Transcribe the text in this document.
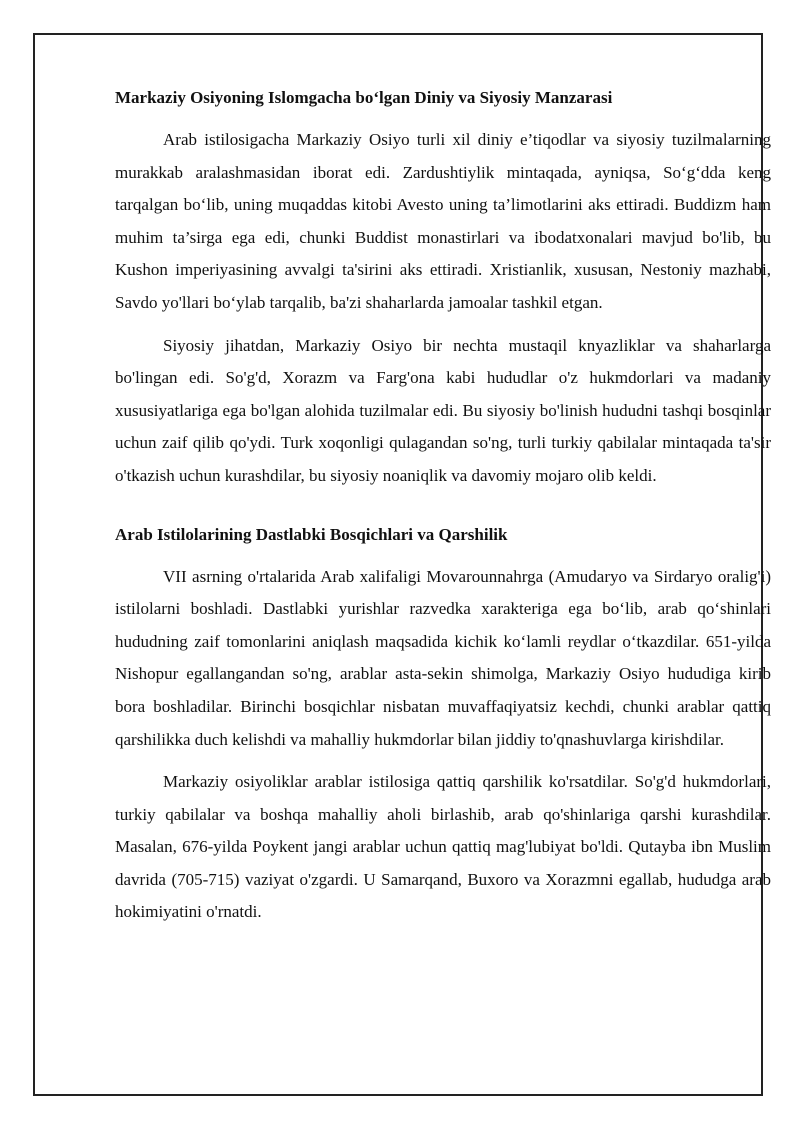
Markaziy Osiyoning Islomgacha bo‘lgan Diniy va Siyosiy Manzarasi

Arab istilosigacha Markaziy Osiyo turli xil diniy e’tiqodlar va siyosiy tuzilmalarning murakkab aralashmasidan iborat edi. Zardushtiylik mintaqada, ayniqsa, So‘g‘dda keng tarqalgan bo‘lib, uning muqaddas kitobi Avesto uning ta’limotlarini aks ettiradi. Buddizm ham muhim ta’sirga ega edi, chunki Buddist monastirlari va ibodatxonalari mavjud bo'lib, bu Kushon imperiyasining avvalgi ta'sirini aks ettiradi. Xristianlik, xususan, Nestoniy mazhabi, Savdo yo'llari bo‘ylab tarqalib, ba'zi shaharlarda jamoalar tashkil etgan.

Siyosiy jihatdan, Markaziy Osiyo bir nechta mustaqil knyazliklar va shaharlarga bo'lingan edi. So'g'd, Xorazm va Farg'ona kabi hududlar o'z hukmdorlari va madaniy xususiyatlariga ega bo'lgan alohida tuzilmalar edi. Bu siyosiy bo'linish hududni tashqi bosqinlar uchun zaif qilib qo'ydi. Turk xoqonligi qulagandan so'ng, turli turkiy qabilalar mintaqada ta'sir o'tkazish uchun kurashdilar, bu siyosiy noaniqlik va davomiy mojaro olib keldi.

Arab Istilolarining Dastlabki Bosqichlari va Qarshilik

VII asrning o'rtalarida Arab xalifaligi Movarounnahrga (Amudaryo va Sirdaryo oralig'i) istilolarni boshladi. Dastlabki yurishlar razvedka xarakteriga ega bo‘lib, arab qo‘shinlari hududning zaif tomonlarini aniqlash maqsadida kichik ko‘lamli reydlar o‘tkazdilar. 651-yilda Nishopur egallangandan so'ng, arablar asta-sekin shimolga, Markaziy Osiyo hududiga kirib bora boshladilar. Birinchi bosqichlar nisbatan muvaffaqiyatsiz kechdi, chunki arablar qattiq qarshilikka duch kelishdi va mahalliy hukmdorlar bilan jiddiy to'qnashuvlarga kirishdilar.

Markaziy osiyoliklar arablar istilosiga qattiq qarshilik ko'rsatdilar. So'g'd hukmdorlari, turkiy qabilalar va boshqa mahalliy aholi birlashib, arab qo'shinlariga qarshi kurashdilar. Masalan, 676-yilda Poykent jangi arablar uchun qattiq mag'lubiyat bo'ldi. Qutayba ibn Muslim davrida (705-715) vaziyat o'zgardi. U Samarqand, Buxoro va Xorazmni egallab, hududga arab hokimiyatini o'rnatdi.
